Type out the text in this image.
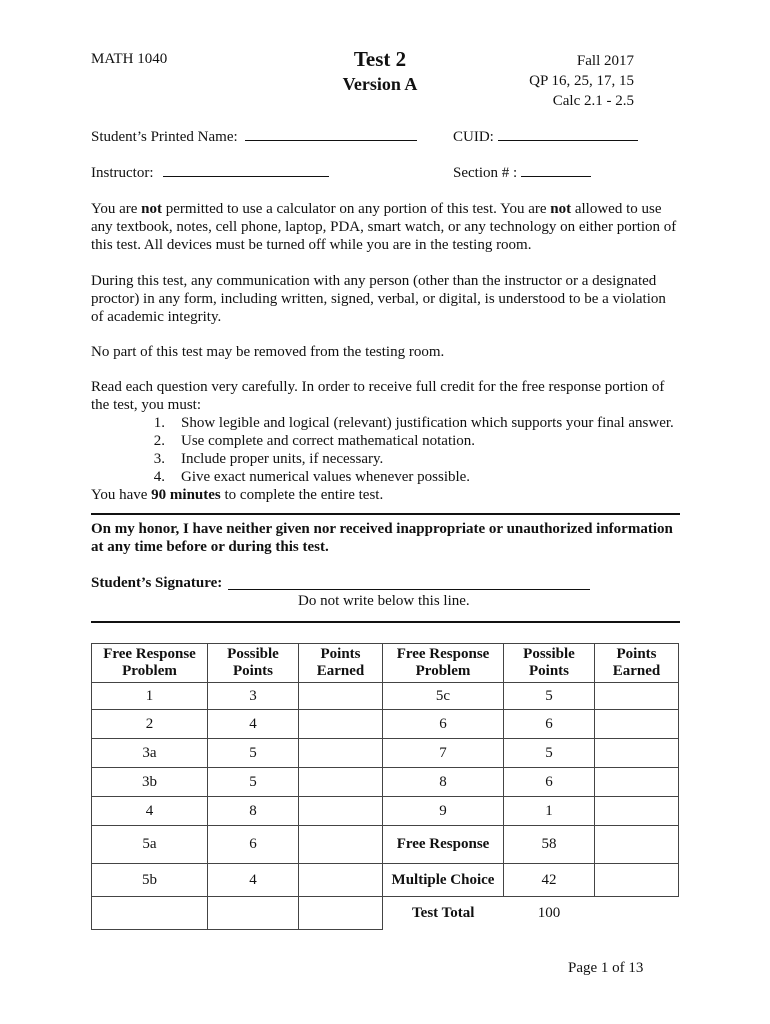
MATH 1040	Test 2
Version A
Fall 2017
QP 16, 25, 17, 15
Calc 2.1 - 2.5
Student’s Printed Name:	CUID:
Instructor:	Section # :

You are not permitted to use a calculator on any portion of this test. You are not allowed to use any textbook, notes, cell phone, laptop, PDA, smart watch, or any technology on either portion of this test. All devices must be turned off while you are in the testing room.

During this test, any communication with any person (other than the instructor or a designated proctor) in any form, including written, signed, verbal, or digital, is understood to be a violation of academic integrity.

No part of this test may be removed from the testing room.

Read each question very carefully. In order to receive full credit for the free response portion of the test, you must:

1.	Show legible and logical (relevant) justification which supports your final answer.
2.	Use complete and correct mathematical notation.
3.	Include proper units, if necessary.
4.	Give exact numerical values whenever possible.

You have 90 minutes to complete the entire test.

On my honor, I have neither given nor received inappropriate or unauthorized information at any time before or during this test.
Student’s Signature:
Do not write below this line.
Free Response Problem	Possible Points	Points Earned	Free Response Problem	Possible Points	Points Earned
1	3		5c	5	
2	4		6	6	
3a	5		7	5	
3b	5		8	6	
4	8		9	1	
5a	6		Free Response	58	
5b	4		Multiple Choice	42	
			Test Total	100	
Page 1 of 13
